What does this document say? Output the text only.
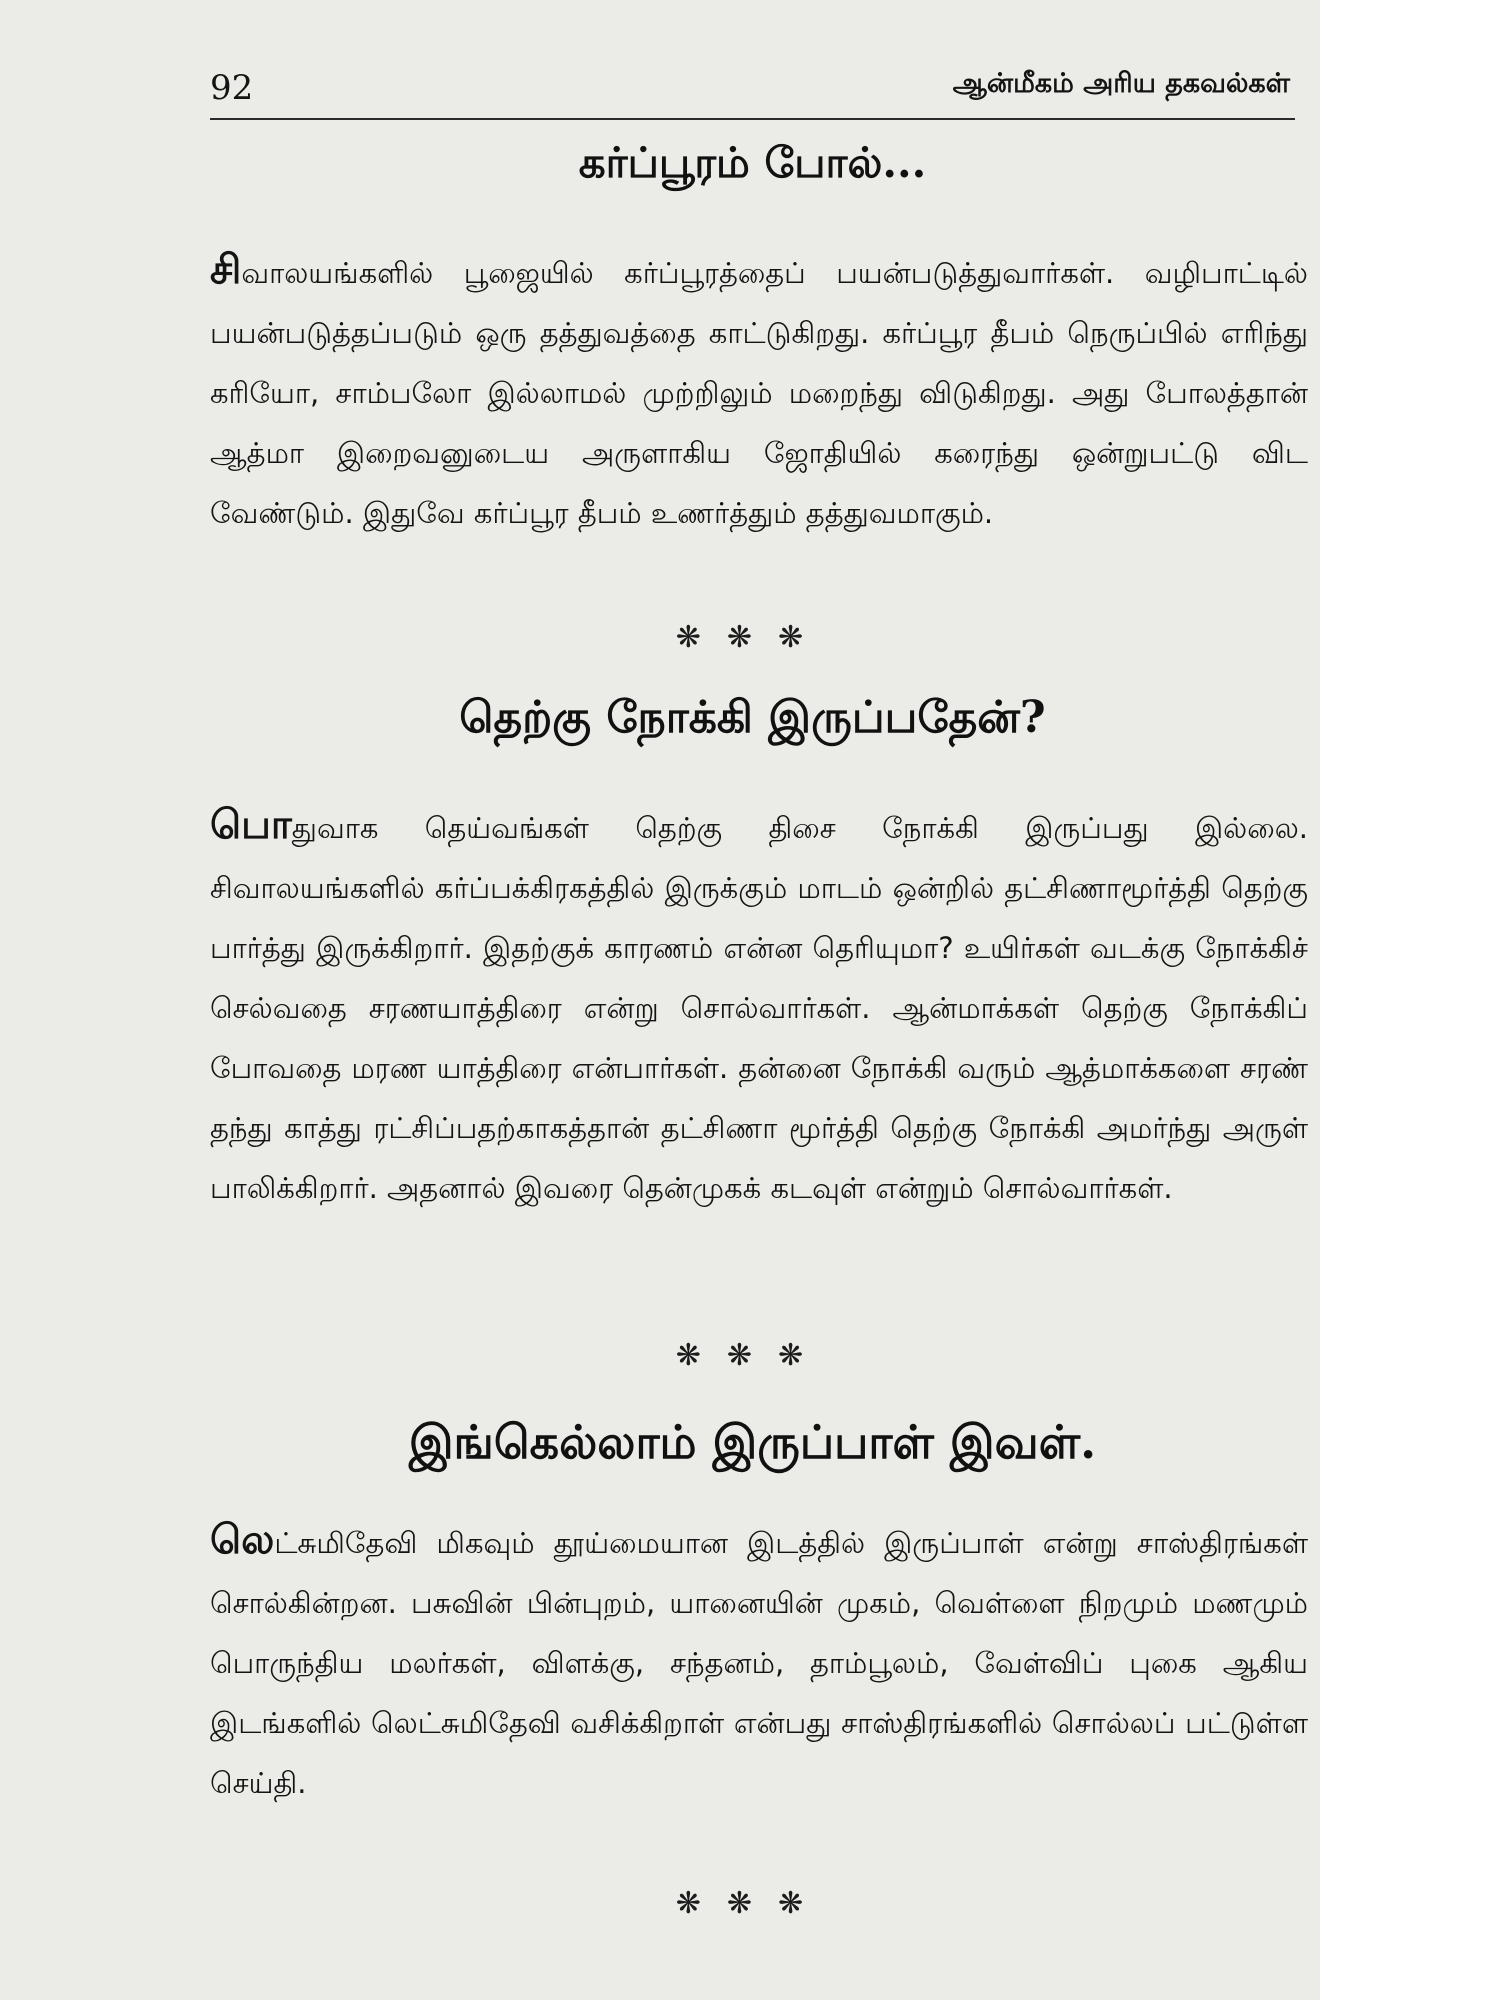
92	ஆன்மீகம் அரிய தகவல்கள்
கர்ப்பூரம் போல்...

சிவாலயங்களில் பூஜையில் கர்ப்பூரத்தைப் பயன்படுத்துவார்கள். வழிபாட்டில் பயன்படுத்தப்படும் ஒரு தத்துவத்தை காட்டுகிறது. கர்ப்பூர தீபம் நெருப்பில் எரிந்து கரியோ, சாம்பலோ இல்லாமல் முற்றிலும் மறைந்து விடுகிறது. அது போலத்தான் ஆத்மா இறைவனுடைய அருளாகிய ஜோதியில் கரைந்து ஒன்றுபட்டு விட வேண்டும். இதுவே கர்ப்பூர தீபம் உணர்த்தும் தத்துவமாகும்.

❋❋❋
தெற்கு நோக்கி இருப்பதேன்?

பொதுவாக தெய்வங்கள் தெற்கு திசை நோக்கி இருப்பது இல்லை. சிவாலயங்களில் கர்ப்பக்கிரகத்தில் இருக்கும் மாடம் ஒன்றில் தட்சிணாமூர்த்தி தெற்கு பார்த்து இருக்கிறார். இதற்குக் காரணம் என்ன தெரியுமா? உயிர்கள் வடக்கு நோக்கிச் செல்வதை சரணயாத்திரை என்று சொல்வார்கள். ஆன்மாக்கள் தெற்கு நோக்கிப் போவதை மரண யாத்திரை என்பார்கள். தன்னை நோக்கி வரும் ஆத்மாக்களை சரண் தந்து காத்து ரட்சிப்பதற்காகத்தான் தட்சிணா மூர்த்தி தெற்கு நோக்கி அமர்ந்து அருள் பாலிக்கிறார். அதனால் இவரை தென்முகக் கடவுள் என்றும் சொல்வார்கள்.

❋❋❋
இங்கெல்லாம் இருப்பாள் இவள்.

லெட்சுமிதேவி மிகவும் தூய்மையான இடத்தில் இருப்பாள் என்று சாஸ்திரங்கள் சொல்கின்றன. பசுவின் பின்புறம், யானையின் முகம், வெள்ளை நிறமும் மணமும் பொருந்திய மலர்கள், விளக்கு, சந்தனம், தாம்பூலம், வேள்விப் புகை ஆகிய இடங்களில் லெட்சுமிதேவி வசிக்கிறாள் என்பது சாஸ்திரங்களில் சொல்லப் பட்டுள்ள செய்தி.

❋❋❋
